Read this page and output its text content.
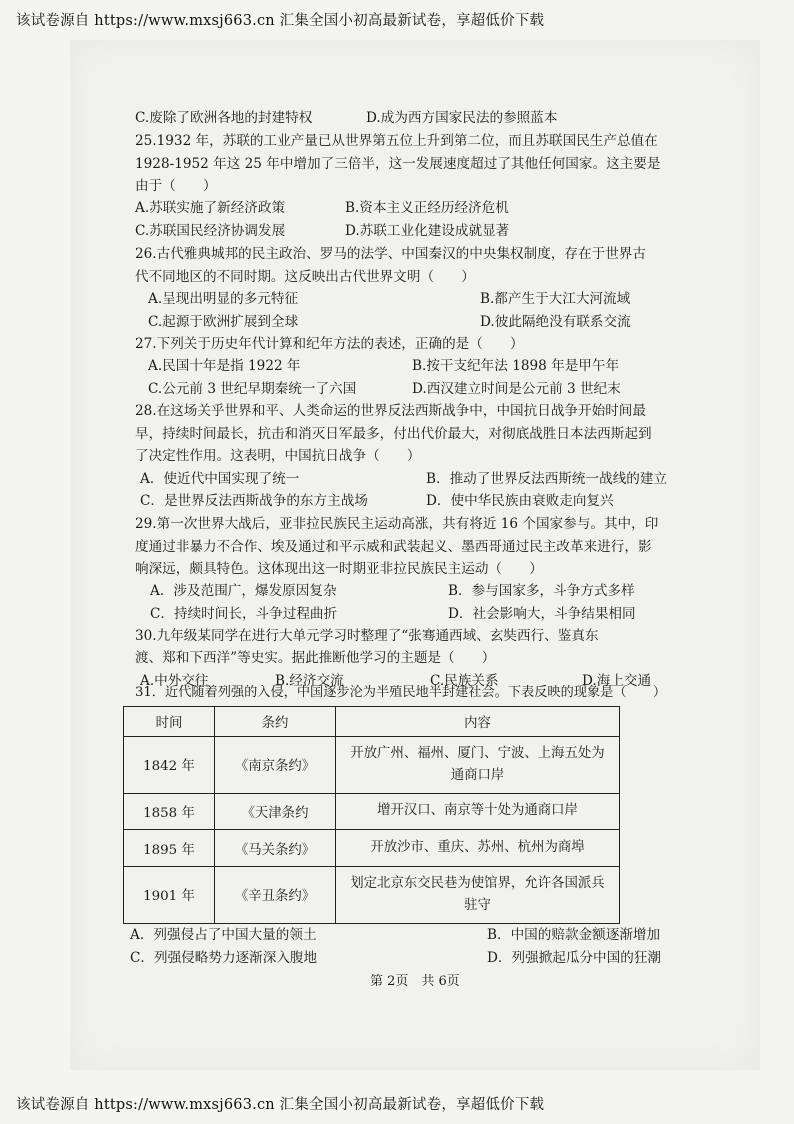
该试卷源自 https://www.mxsj663.cn 汇集全国小初高最新试卷，享超低价下载
C.废除了欧洲各地的封建特权	D.成为西方国家民法的参照蓝本
25.1932 年，苏联的工业产量已从世界第五位上升到第二位，而且苏联国民生产总值在
1928-1952 年这 25 年中增加了三倍半，这一发展速度超过了其他任何国家。这主要是
由于（　　）
A.苏联实施了新经济政策	B.资本主义正经历经济危机
C.苏联国民经济协调发展	D.苏联工业化建设成就显著
26.古代雅典城邦的民主政治、罗马的法学、中国秦汉的中央集权制度，存在于世界古
代不同地区的不同时期。这反映出古代世界文明（　　）
A.呈现出明显的多元特征	B.都产生于大江大河流域
C.起源于欧洲扩展到全球	D.彼此隔绝没有联系交流
27.下列关于历史年代计算和纪年方法的表述，正确的是（　　）
A.民国十年是指 1922 年	B.按干支纪年法 1898 年是甲午年
C.公元前 3 世纪早期秦统一了六国	D.西汉建立时间是公元前 3 世纪末
28.在这场关乎世界和平、人类命运的世界反法西斯战争中，中国抗日战争开始时间最
早，持续时间最长，抗击和消灭日军最多，付出代价最大，对彻底战胜日本法西斯起到
了决定性作用。这表明，中国抗日战争（　　）
A．使近代中国实现了统一	B．推动了世界反法西斯统一战线的建立
C．是世界反法西斯战争的东方主战场	D．使中华民族由衰败走向复兴
29.第一次世界大战后，亚非拉民族民主运动高涨，共有将近 16 个国家参与。其中，印
度通过非暴力不合作、埃及通过和平示威和武装起义、墨西哥通过民主改革来进行，影
响深远，颇具特色。这体现出这一时期亚非拉民族民主运动（　　）
A．涉及范围广，爆发原因复杂	B．参与国家多，斗争方式多样
C．持续时间长，斗争过程曲折	D．社会影响大，斗争结果相同
30.九年级某同学在进行大单元学习时整理了“张骞通西域、玄奘西行、鉴真东
渡、郑和下西洋”等史实。据此推断他学习的主题是（　　）
A.中外交往	B.经济交流	C.民族关系	D.海上交通
31．近代随着列强的入侵，中国逐步沦为半殖民地半封建社会。下表反映的现象是（　　）
时间	条约	内容
1842 年	《南京条约》	开放广州、福州、厦门、宁波、上海五处为
通商口岸

1858 年	《天津条约	增开汉口、南京等十处为通商口岸

1895 年	《马关条约》	开放沙市、重庆、苏州、杭州为商埠

1901 年	《辛丑条约》	划定北京东交民巷为使馆界，允许各国派兵
驻守
A．列强侵占了中国大量的领土	B．中国的赔款金额逐渐增加
C．列强侵略势力逐渐深入腹地	D．列强掀起瓜分中国的狂潮
第 2页　共 6页
该试卷源自 https://www.mxsj663.cn 汇集全国小初高最新试卷，享超低价下载
